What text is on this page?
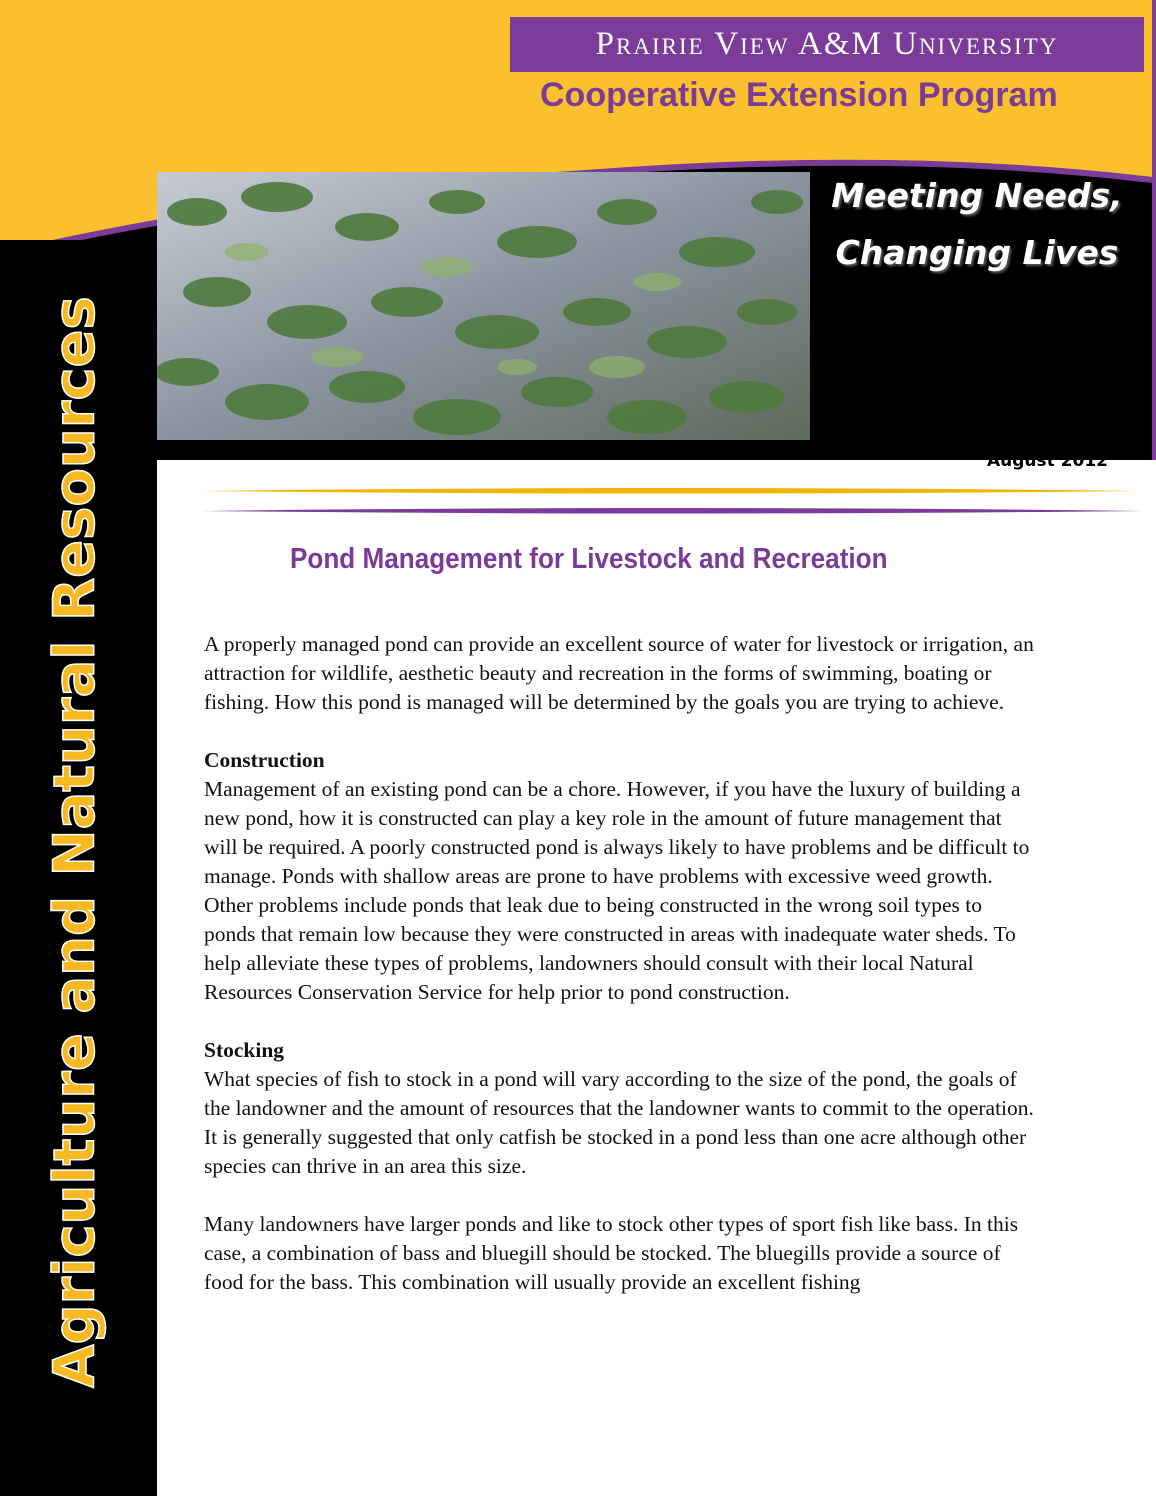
Prairie View A&M University
Cooperative Extension Program
Meeting Needs,
Changing Lives
Agriculture and Natural Resources	August 2012
Pond Management for Livestock and Recreation

A properly managed pond can provide an excellent source of water for livestock or irrigation, an attraction for wildlife, aesthetic beauty and recreation in the forms of swimming, boating or fishing. How this pond is managed will be determined by the goals you are trying to achieve.

Construction

Management of an existing pond can be a chore. However, if you have the luxury of building a new pond, how it is constructed can play a key role in the amount of future management that will be required. A poorly constructed pond is always likely to have problems and be difficult to manage. Ponds with shallow areas are prone to have problems with excessive weed growth. Other problems include ponds that leak due to being constructed in the wrong soil types to ponds that remain low because they were constructed in areas with inadequate water sheds. To help alleviate these types of problems, landowners should consult with their local Natural Resources Conservation Service for help prior to pond construction.

Stocking

What species of fish to stock in a pond will vary according to the size of the pond, the goals of the landowner and the amount of resources that the landowner wants to commit to the operation. It is generally suggested that only catfish be stocked in a pond less than one acre although other species can thrive in an area this size.

Many landowners have larger ponds and like to stock other types of sport fish like bass. In this case, a combination of bass and bluegill should be stocked. The bluegills provide a source of food for the bass. This combination will usually provide an excellent fishing
